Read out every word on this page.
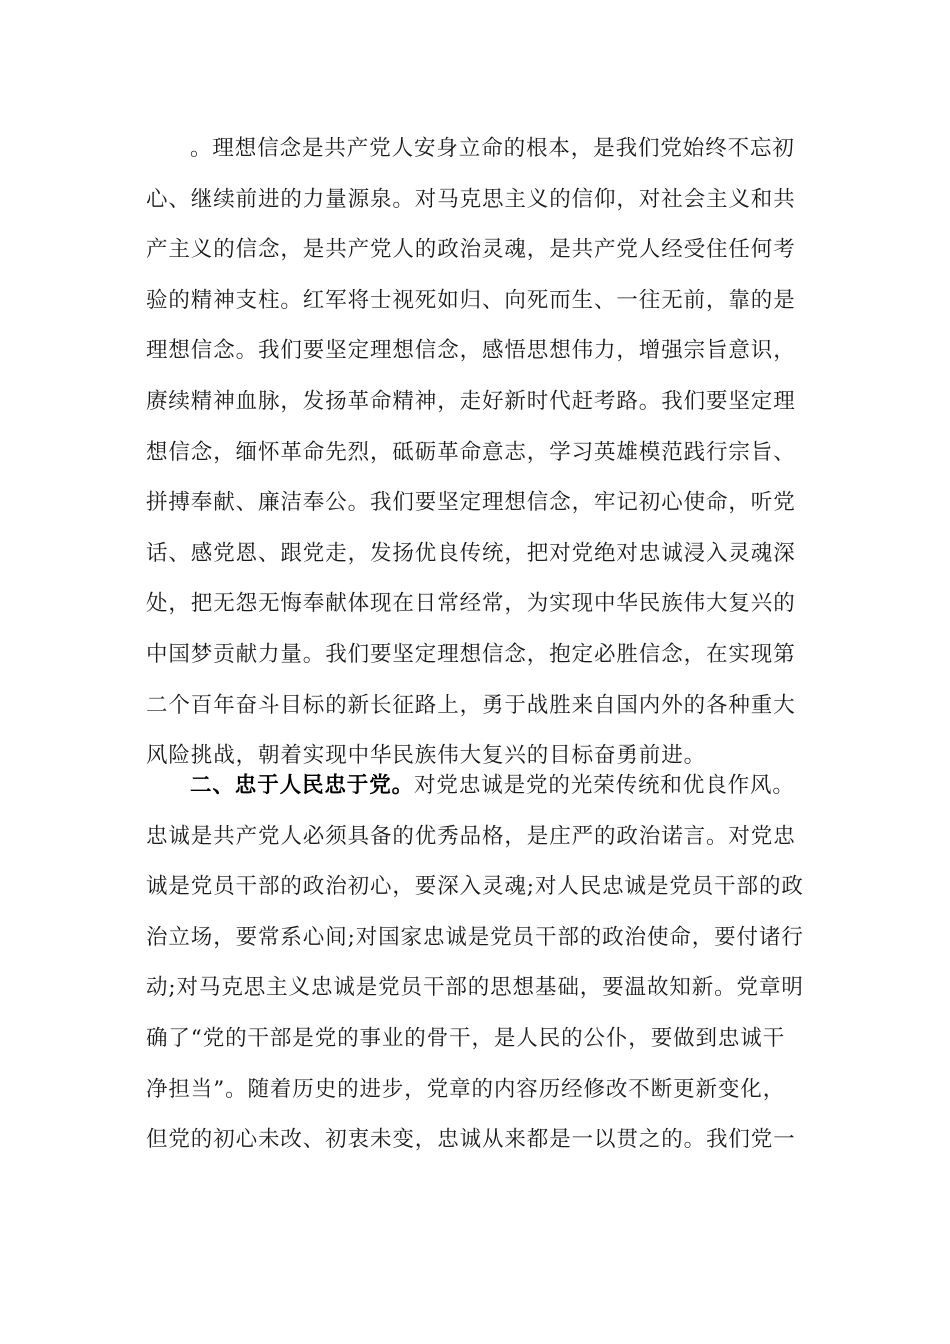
。理想信念是共产党人安身立命的根本，是我们党始终不忘初
心、继续前进的力量源泉。对马克思主义的信仰，对社会主义和共
产主义的信念，是共产党人的政治灵魂，是共产党人经受住任何考
验的精神支柱。红军将士视死如归、向死而生、一往无前，靠的是
理想信念。我们要坚定理想信念，感悟思想伟力，增强宗旨意识，
赓续精神血脉，发扬革命精神，走好新时代赶考路。我们要坚定理
想信念，缅怀革命先烈，砥砺革命意志，学习英雄模范践行宗旨、
拼搏奉献、廉洁奉公。我们要坚定理想信念，牢记初心使命，听党
话、感党恩、跟党走，发扬优良传统，把对党绝对忠诚浸入灵魂深
处，把无怨无悔奉献体现在日常经常，为实现中华民族伟大复兴的
中国梦贡献力量。我们要坚定理想信念，抱定必胜信念，在实现第
二个百年奋斗目标的新长征路上，勇于战胜来自国内外的各种重大
风险挑战，朝着实现中华民族伟大复兴的目标奋勇前进。
二、忠于人民忠于党。对党忠诚是党的光荣传统和优良作风。
忠诚是共产党人必须具备的优秀品格，是庄严的政治诺言。对党忠
诚是党员干部的政治初心，要深入灵魂;对人民忠诚是党员干部的政
治立场，要常系心间;对国家忠诚是党员干部的政治使命，要付诸行
动;对马克思主义忠诚是党员干部的思想基础，要温故知新。党章明
确了“党的干部是党的事业的骨干，是人民的公仆，要做到忠诚干
净担当”。随着历史的进步，党章的内容历经修改不断更新变化，
但党的初心未改、初衷未变，忠诚从来都是一以贯之的。我们党一
